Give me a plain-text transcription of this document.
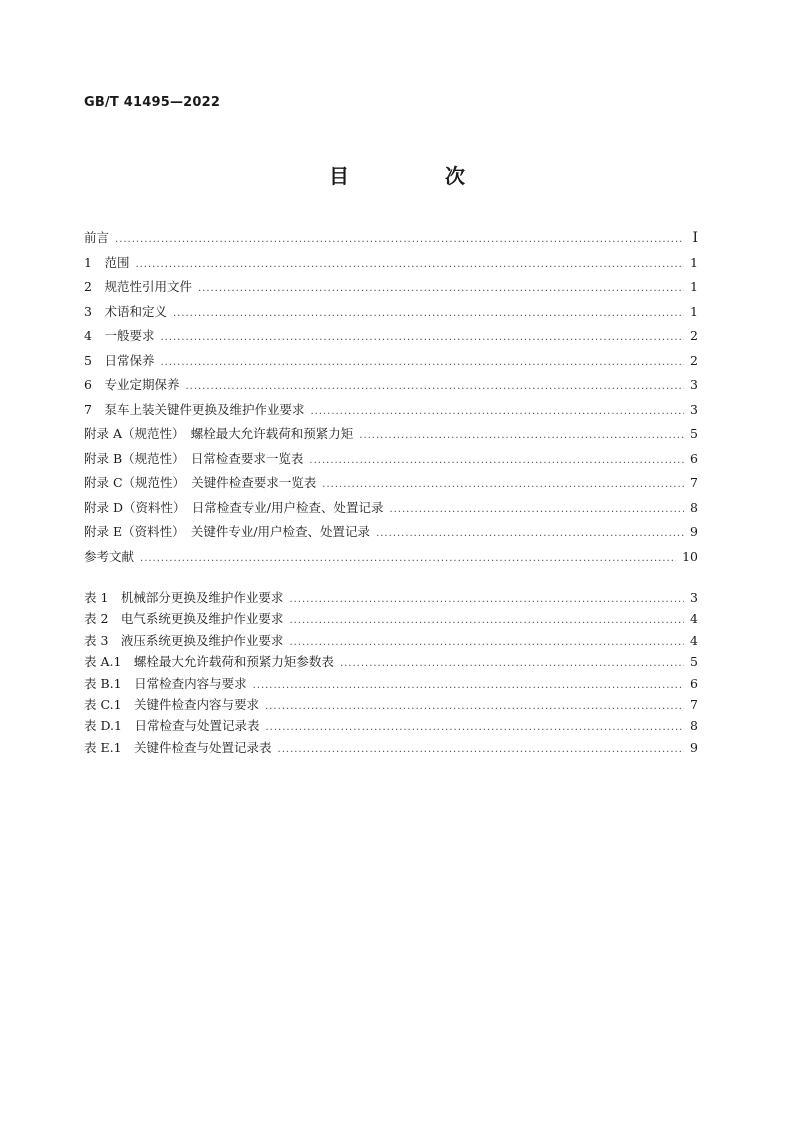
GB/T 41495—2022
目　次
前言 .....	Ⅰ
1　范围 .....	1
2　规范性引用文件 .....	1
3　术语和定义 .....	1
4　一般要求 .....	2
5　日常保养 .....	2
6　专业定期保养 .....	3
7　泵车上装关键件更换及维护作业要求 .....	3
附录 A（规范性）　螺栓最大允许载荷和预紧力矩 .....	5
附录 B（规范性）　日常检查要求一览表 .....	6
附录 C（规范性）　关键件检查要求一览表 .....	7
附录 D（资料性）　日常检查专业/用户检查、处置记录 .....	8
附录 E（资料性）　关键件专业/用户检查、处置记录 .....	9
参考文献 .....	10
表 1　机械部分更换及维护作业要求 .....	3
表 2　电气系统更换及维护作业要求 .....	4
表 3　液压系统更换及维护作业要求 .....	4
表 A.1　螺栓最大允许载荷和预紧力矩参数表 .....	5
表 B.1　日常检查内容与要求 .....	6
表 C.1　关键件检查内容与要求 .....	7
表 D.1　日常检查与处置记录表 .....	8
表 E.1　关键件检查与处置记录表 .....	9
